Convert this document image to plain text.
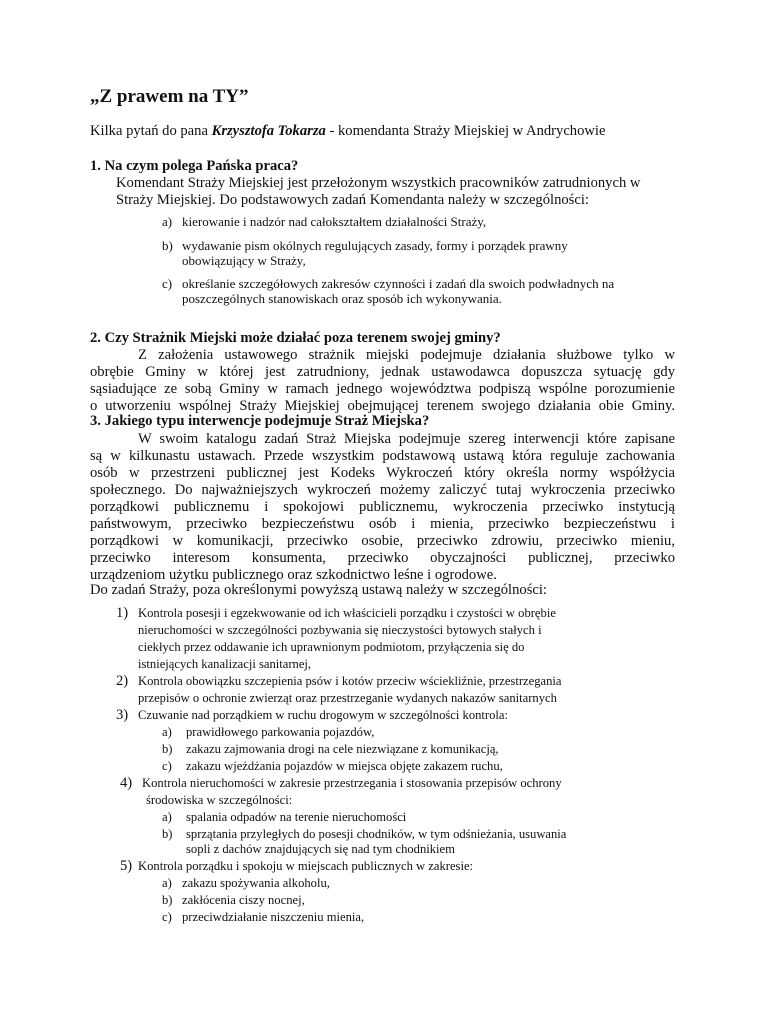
„Z prawem na TY”
Kilka pytań do pana Krzysztofa Tokarza - komendanta Straży Miejskiej w Andrychowie
1. Na czym polega Pańska praca?
Komendant Straży Miejskiej jest przełożonym wszystkich pracowników zatrudnionych w
Straży Miejskiej. Do podstawowych zadań Komendanta należy w szczególności:
a) kierowanie i nadzór nad całokształtem działalności Straży,
b) wydawanie pism okólnych regulujących zasady, formy i porządek prawny
obowiązujący w Straży,
c) określanie szczegółowych zakresów czynności i zadań dla swoich podwładnych na
poszczególnych stanowiskach oraz sposób ich wykonywania.
2. Czy Strażnik Miejski może działać poza terenem swojej gminy?
Z założenia ustawowego strażnik miejski podejmuje działania służbowe tylko w
obrębie Gminy w której jest zatrudniony, jednak ustawodawca dopuszcza sytuację gdy
sąsiadujące ze sobą Gminy w ramach jednego województwa podpiszą wspólne porozumienie
o utworzeniu wspólnej Straży Miejskiej obejmującej terenem swojego działania obie Gminy.
3. Jakiego typu interwencje podejmuje Straż Miejska?
W swoim katalogu zadań Straż Miejska podejmuje szereg interwencji które zapisane
są w kilkunastu ustawach. Przede wszystkim podstawową ustawą która reguluje zachowania
osób w przestrzeni publicznej jest Kodeks Wykroczeń który określa normy współżycia
społecznego. Do najważniejszych wykroczeń możemy zaliczyć tutaj wykroczenia przeciwko
porządkowi publicznemu i spokojowi publicznemu, wykroczenia przeciwko instytucją
państwowym, przeciwko bezpieczeństwu osób i mienia, przeciwko bezpieczeństwu i
porządkowi w komunikacji, przeciwko osobie, przeciwko zdrowiu, przeciwko mieniu,
przeciwko interesom konsumenta, przeciwko obyczajności publicznej, przeciwko
urządzeniom użytku publicznego oraz szkodnictwo leśne i ogrodowe.
Do zadań Straży, poza określonymi powyższą ustawą należy w szczególności:
1) Kontrola posesji i egzekwowanie od ich właścicieli porządku i czystości w obrębie
nieruchomości w szczególności pozbywania się nieczystości bytowych stałych i
ciekłych przez oddawanie ich uprawnionym podmiotom, przyłączenia się do
istniejących kanalizacji sanitarnej,
2) Kontrola obowiązku szczepienia psów i kotów przeciw wściekliźnie, przestrzegania
przepisów o ochronie zwierząt oraz przestrzeganie wydanych nakazów sanitarnych
3) Czuwanie nad porządkiem w ruchu drogowym w szczególności kontrola:
a) prawidłowego parkowania pojazdów,
b) zakazu zajmowania drogi na cele niezwiązane z komunikacją,
c) zakazu wjeżdżania pojazdów w miejsca objęte zakazem ruchu,
4) Kontrola nieruchomości w zakresie przestrzegania i stosowania przepisów ochrony
środowiska w szczególności:
a) spalania odpadów na terenie nieruchomości
b) sprzątania przyległych do posesji chodników, w tym odśnieżania, usuwania
sopli z dachów znajdujących się nad tym chodnikiem
5) Kontrola porządku i spokoju w miejscach publicznych w zakresie:
a) zakazu spożywania alkoholu,
b) zakłócenia ciszy nocnej,
c) przeciwdziałanie niszczeniu mienia,
